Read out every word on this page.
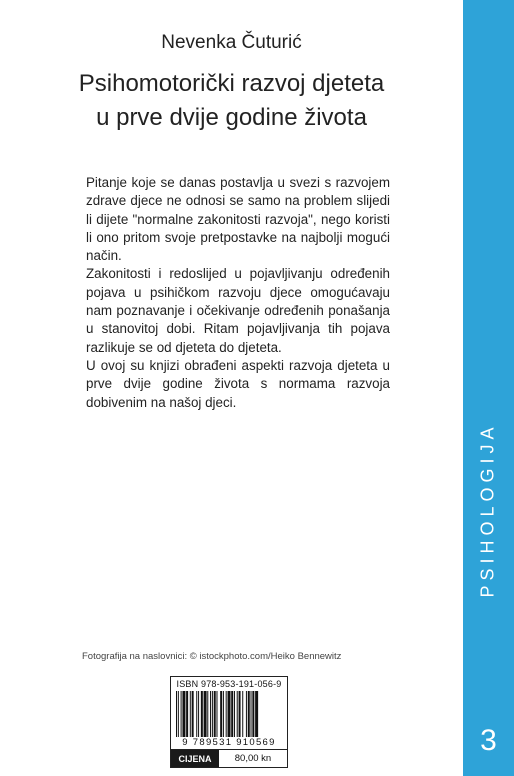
Nevenka Čuturić
Psihomotorički razvoj djeteta
u prve dvije godine života

Pitanje koje se danas postavlja u svezi s razvojem zdrave djece ne odnosi se samo na problem slijedi li dijete "normalne zakonitosti razvoja", nego koristi li ono pritom svoje pretpostavke na najbolji mogući način.

Zakonitosti i redoslijed u pojavljivanju određenih pojava u psihičkom razvoju djece omogućavaju nam poznavanje i očekivanje određenih ponašanja u stanovitoj dobi. Ritam pojavljivanja tih pojava razlikuje se od djeteta do djeteta.

U ovoj su knjizi obrađeni aspekti razvoja djeteta u prve dvije godine života s normama razvoja dobivenim na našoj djeci.

Fotografija na naslovnici: © istockphoto.com/Heiko Bennewitz
ISBN 978-953-191-056-9
9 789531 910569
CIJENA	80,00 kn
PSIHOLOGIJA
3
